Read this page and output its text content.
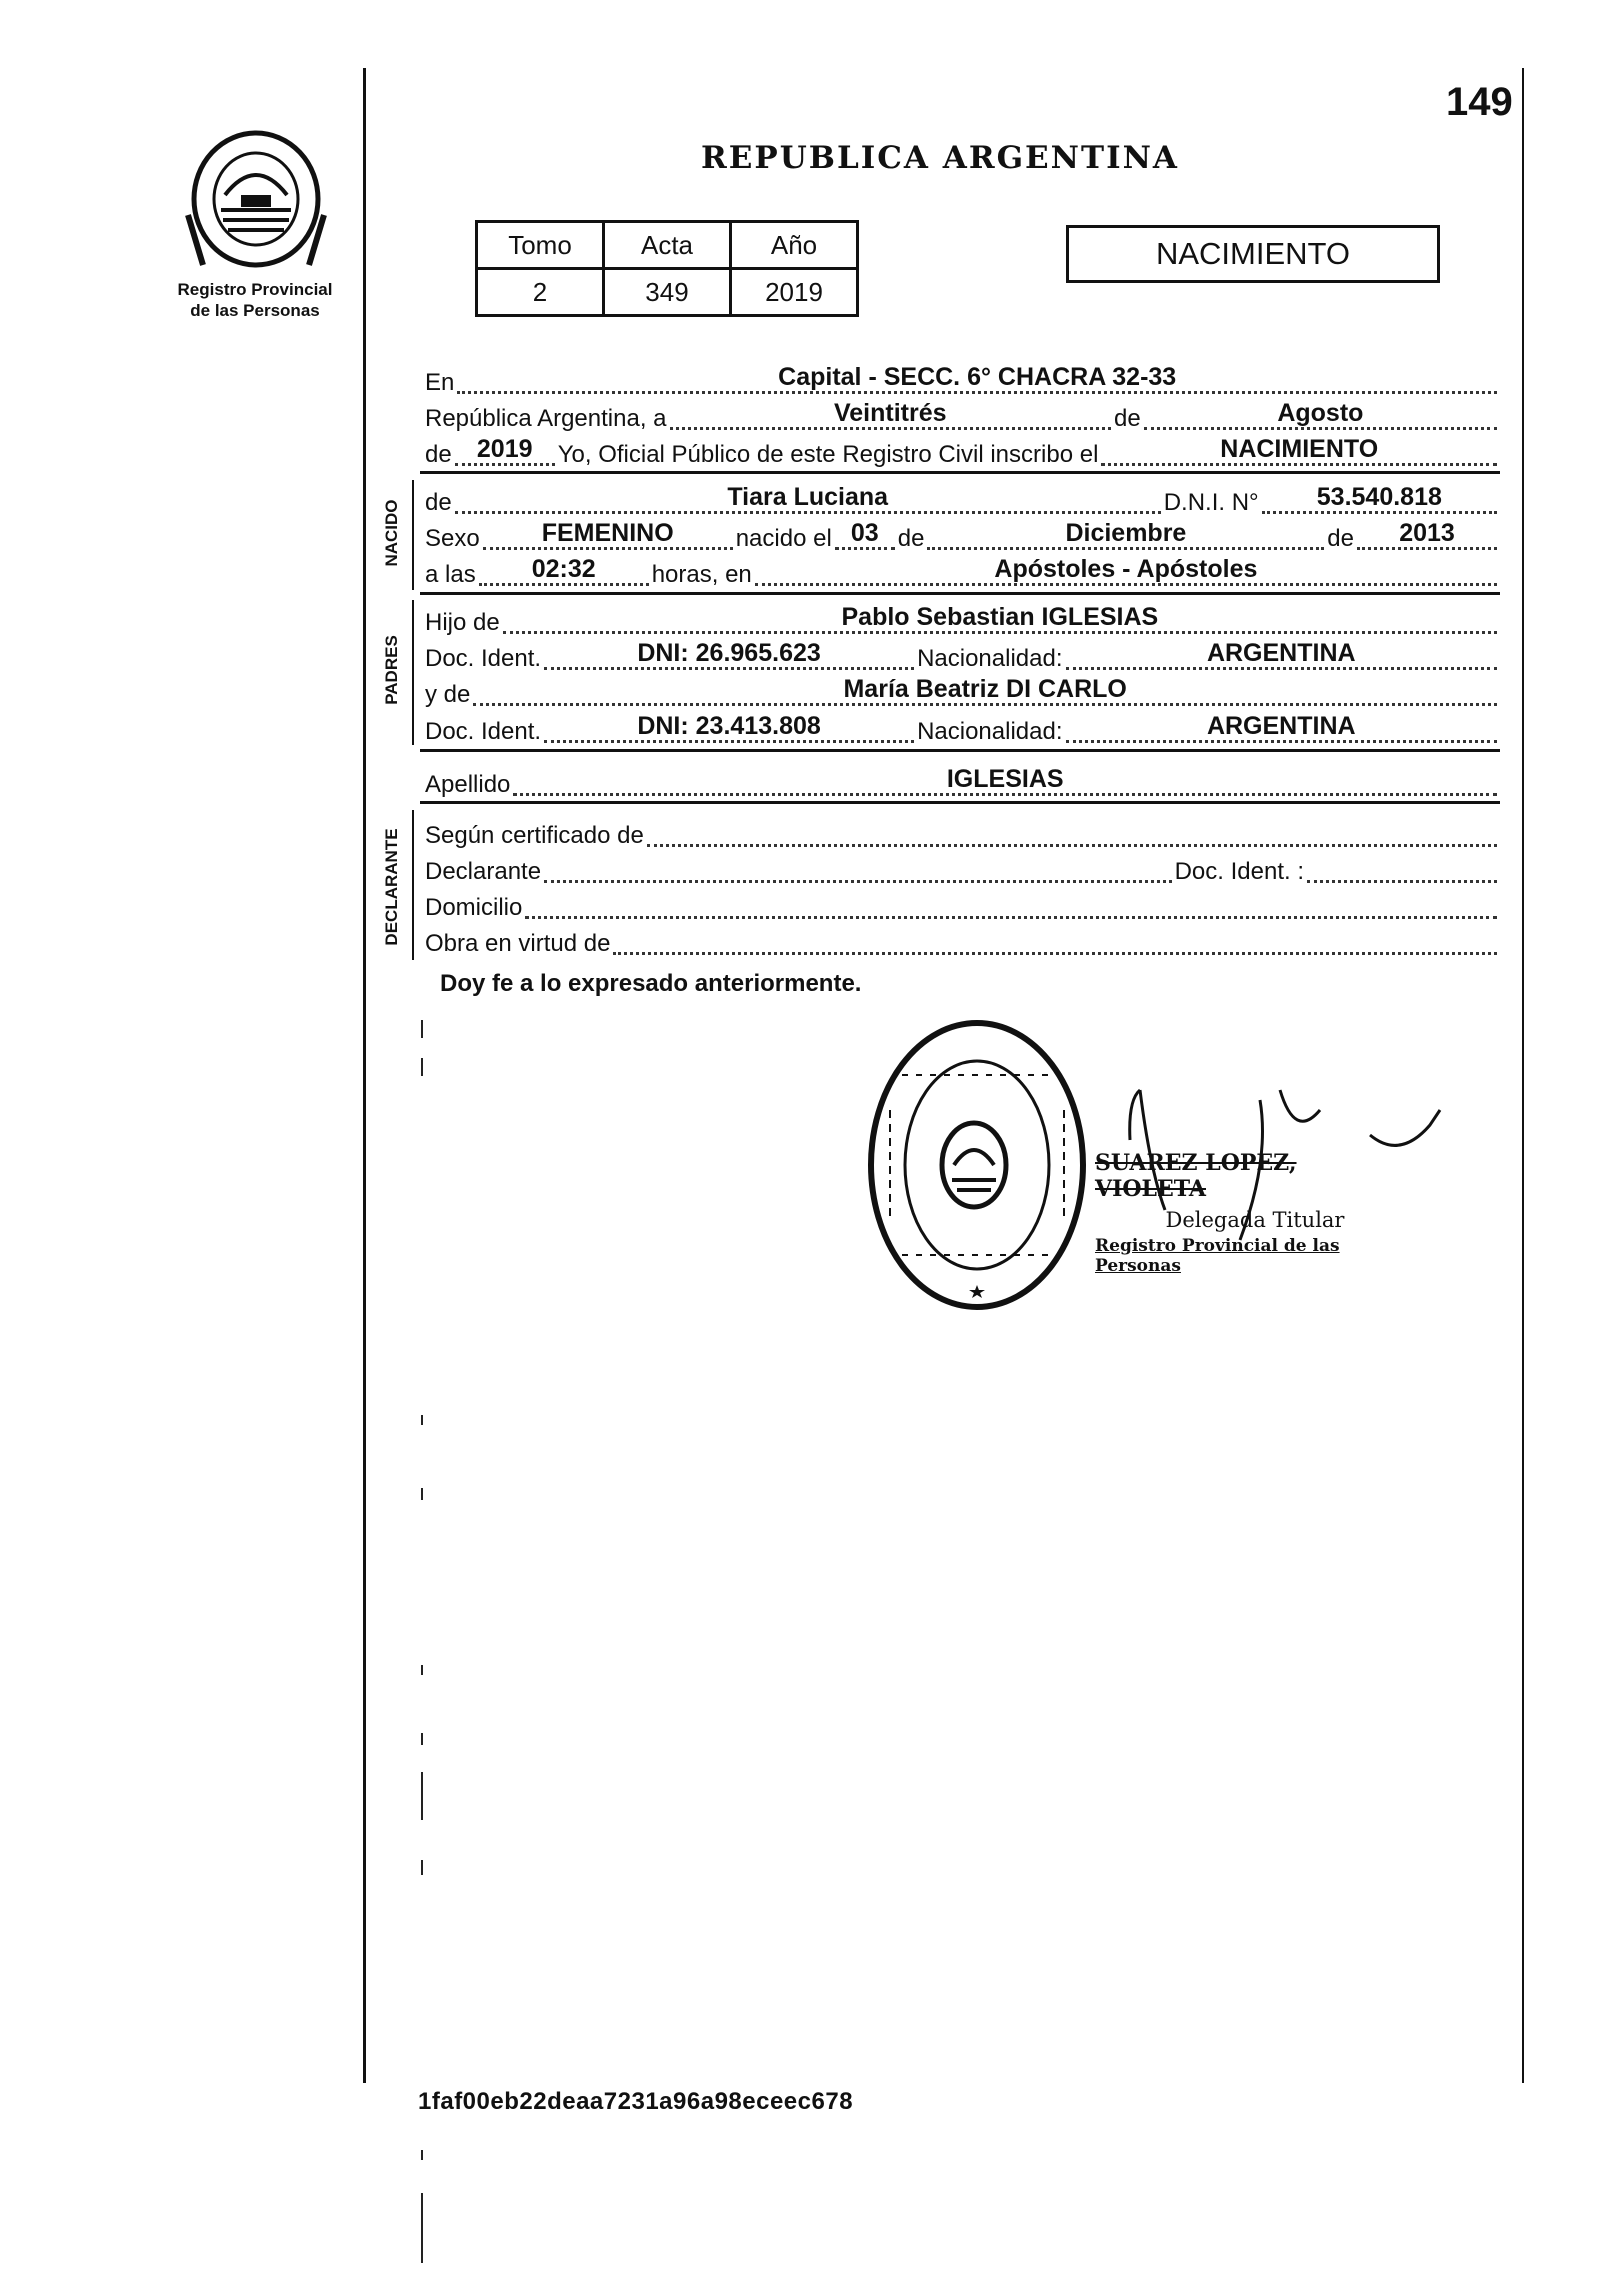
Registro Provincial
de las Personas
149
REPUBLICA ARGENTINA
Tomo	Acta	Año
2	349	2019
NACIMIENTO
En	Capital - SECC. 6° CHACRA 32-33
República Argentina, a	Veintitrés	de	Agosto
de	2019	Yo, Oficial Público de este Registro Civil inscribo el	NACIMIENTO
de	Tiara Luciana	D.N.I. N°	53.540.818
Sexo	FEMENINO	nacido el 03 de	Diciembre	de	2013
a las	02:32	horas, en	Apóstoles - Apóstoles
Hijo de	Pablo Sebastian IGLESIAS
Doc. Ident.	DNI: 26.965.623	Nacionalidad:	ARGENTINA
y de	María Beatriz DI CARLO
Doc. Ident.	DNI: 23.413.808	Nacionalidad:	ARGENTINA
Apellido	IGLESIAS
Según certificado de
Declarante	Doc. Ident. :
Domicilio
Obra en virtud de
NACIDO
PADRES
DECLARANTE
Doy fe a lo expresado anteriormente.
SUAREZ LOPEZ, VIOLETA
Delegada Titular
Registro Provincial de las Personas
1faf00eb22deaa7231a96a98eceec678
